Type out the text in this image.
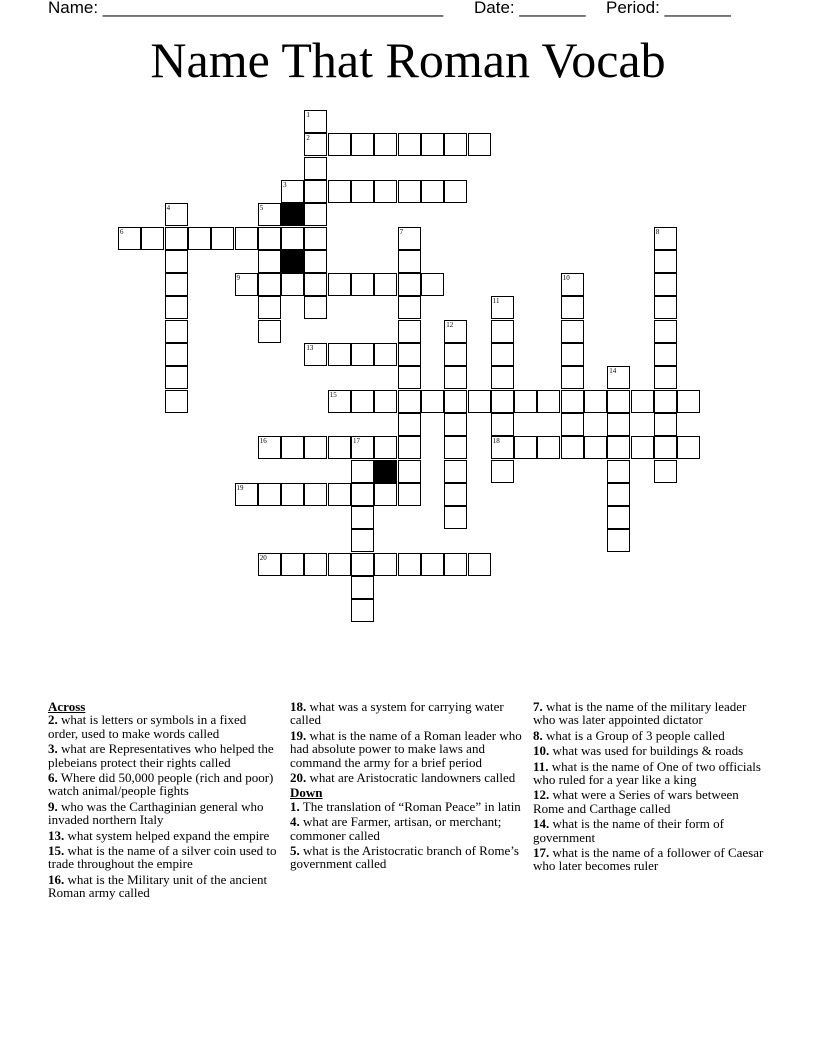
Name: ____________________________________ Date: _______ Period: _______
Name That Roman Vocab
1
2
3
4	5
6	7	8
9	10
11
12
13
14
15
16	17	18
19
20
Across
2. what is letters or symbols in a fixed order, used to make words called
3. what are Representatives who helped the plebeians protect their rights called
6. Where did 50,000 people (rich and poor) watch animal/people fights
9. who was the Carthaginian general who invaded northern Italy
13. what system helped expand the empire
15. what is the name of a silver coin used to trade throughout the empire
16. what is the Military unit of the ancient Roman army called
18. what was a system for carrying water called
19. what is the name of a Roman leader who had absolute power to make laws and command the army for a brief period
20. what are Aristocratic landowners called
Down
1. The translation of “Roman Peace” in latin
4. what are Farmer, artisan, or merchant; commoner called
5. what is the Aristocratic branch of Rome’s government called
7. what is the name of the military leader who was later appointed dictator
8. what is a Group of 3 people called
10. what was used for buildings & roads
11. what is the name of One of two officials who ruled for a year like a king
12. what were a Series of wars between Rome and Carthage called
14. what is the name of their form of government
17. what is the name of a follower of Caesar who later becomes ruler
